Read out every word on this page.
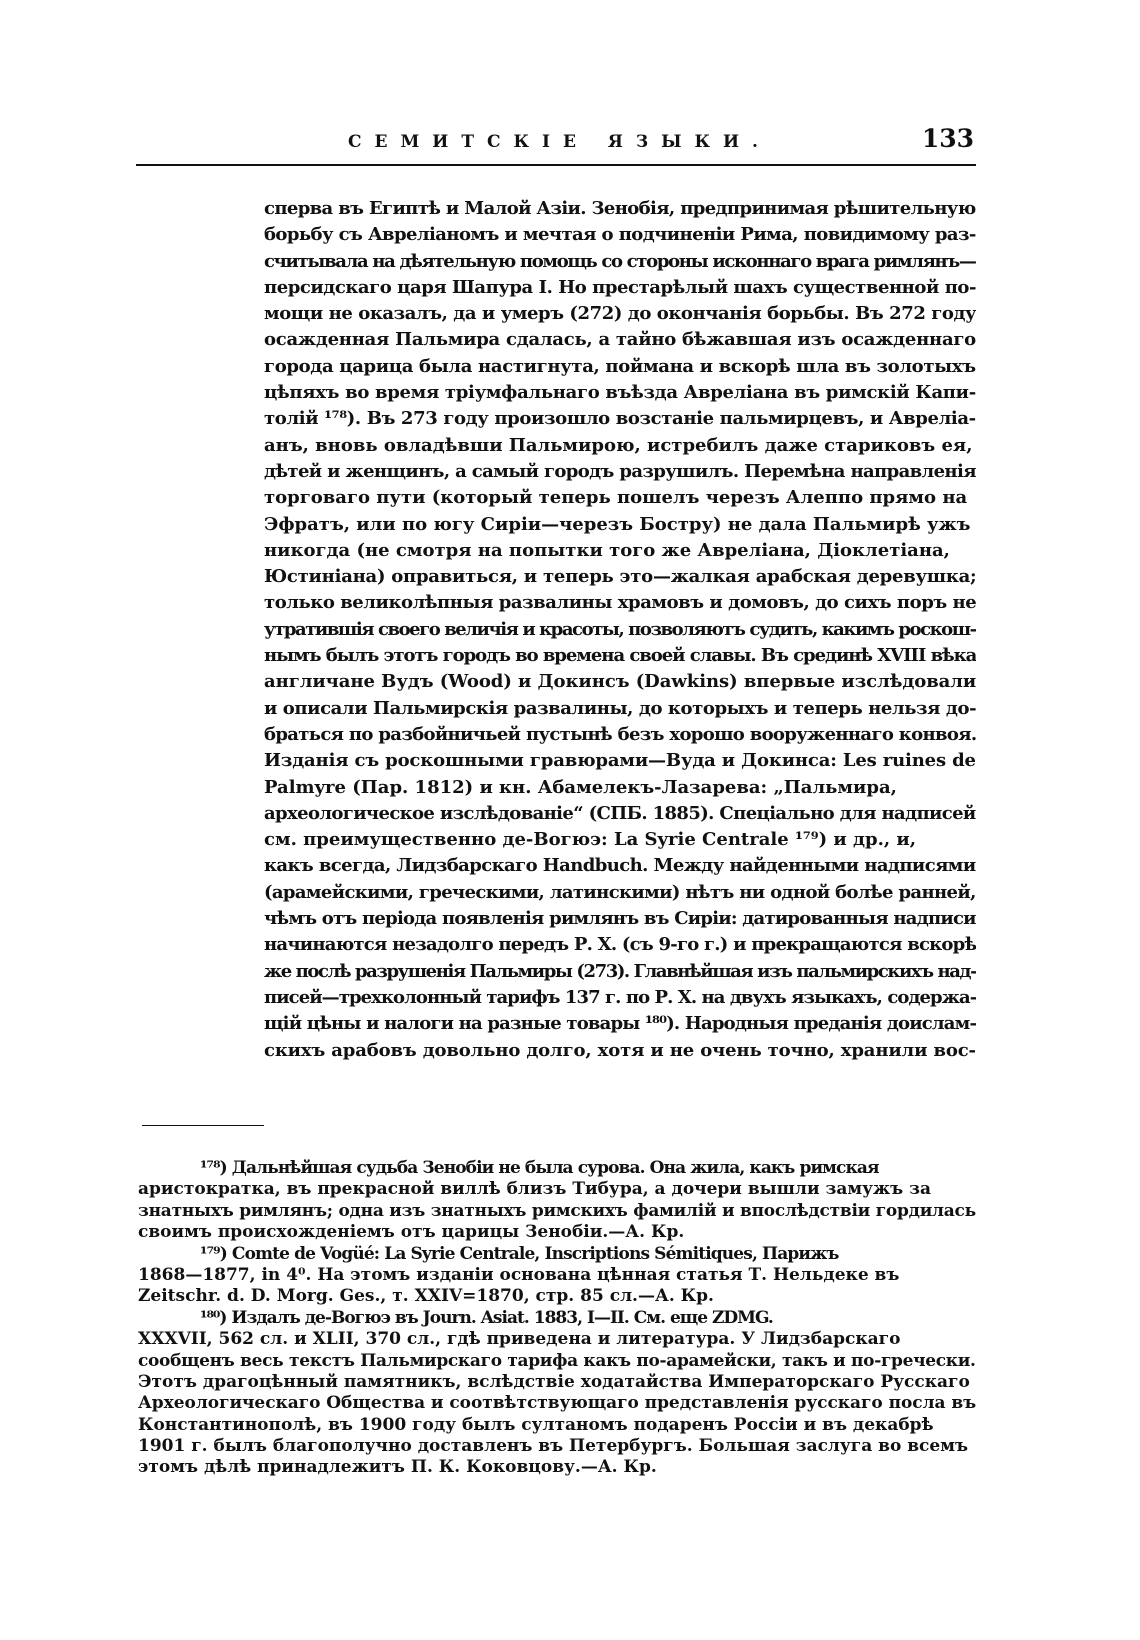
СЕМИТСКІЕ ЯЗЫКИ.	133
сперва въ Египтѣ и Малой Азіи. Зенобія, предпринимая рѣшительную
борьбу съ Авреліаномъ и мечтая о подчиненіи Рима, повидимому раз-
считывала на дѣятельную помощь со стороны исконнаго врага римлянъ—
персидскаго царя Шапура I. Но престарѣлый шахъ существенной по-
мощи не оказалъ, да и умеръ (272) до окончанія борьбы. Въ 272 году
осажденная Пальмира сдалась, а тайно бѣжавшая изъ осажденнаго
города царица была настигнута, поймана и вскорѣ шла въ золотыхъ
цѣпяхъ во время тріумфальнаго въѣзда Авреліана въ римскій Капи-
толій ¹⁷⁸). Въ 273 году произошло возстаніе пальмирцевъ, и Авреліа-
анъ, вновь овладѣвши Пальмирою, истребилъ даже стариковъ ея,
дѣтей и женщинъ, а самый городъ разрушилъ. Перемѣна направленія
торговаго пути (который теперь пошелъ черезъ Алеппо прямо на
Эфратъ, или по югу Сиріи—черезъ Бостру) не дала Пальмирѣ ужъ
никогда (не смотря на попытки того же Авреліана, Діоклетіана,
Юстиніана) оправиться, и теперь это—жалкая арабская деревушка;
только великолѣпныя развалины храмовъ и домовъ, до сихъ поръ не
утратившія своего величія и красоты, позволяютъ судить, какимъ роскош-
нымъ былъ этотъ городъ во времена своей славы. Въ срединѣ XVIII вѣка
англичане Вудъ (Wood) и Докинсъ (Dawkins) впервые изслѣдовали
и описали Пальмирскія развалины, до которыхъ и теперь нельзя до-
браться по разбойничьей пустынѣ безъ хорошо вооруженнаго конвоя.
Изданія съ роскошными гравюрами—Вуда и Докинса: Les ruines de
Palmyre (Пар. 1812) и кн. Абамелекъ-Лазарева: „Пальмира,
археологическое изслѣдованіе“ (СПБ. 1885). Спеціально для надписей
см. преимущественно де-Вогюэ: La Syrie Centrale ¹⁷⁹) и др., и,
какъ всегда, Лидзбарскаго Handbuch. Между найденными надписями
(арамейскими, греческими, латинскими) нѣтъ ни одной болѣе ранней,
чѣмъ отъ періода появленія римлянъ въ Сиріи: датированныя надписи
начинаются незадолго передъ Р. Х. (съ 9-го г.) и прекращаются вскорѣ
же послѣ разрушенія Пальмиры (273). Главнѣйшая изъ пальмирскихъ над-
писей—трехколонный тарифъ 137 г. по Р. Х. на двухъ языкахъ, содержа-
щій цѣны и налоги на разные товары ¹⁸⁰). Народныя преданія доислам-
скихъ арабовъ довольно долго, хотя и не очень точно, хранили вос-
¹⁷⁸) Дальнѣйшая судьба Зенобіи не была сурова. Она жила, какъ римская
аристократка, въ прекрасной виллѣ близъ Тибура, а дочери вышли замужъ за
знатныхъ римлянъ; одна изъ знатныхъ римскихъ фамилій и впослѣдствіи гордилась
своимъ происхожденіемъ отъ царицы Зенобіи.—А. Кр.
¹⁷⁹) Comte de Vogüé: La Syrie Centrale, Inscriptions Sémitiques, Парижъ
1868—1877, in 4⁰. На этомъ изданіи основана цѣнная статья Т. Нельдеке въ
Zeitschr. d. D. Morg. Ges., т. XXIV=1870, стр. 85 сл.—А. Кр.
¹⁸⁰) Издалъ де-Вогюэ въ Journ. Asiat. 1883, I—II. См. еще ZDMG.
XXXVII, 562 сл. и XLII, 370 сл., гдѣ приведена и литература. У Лидзбарскаго
сообщенъ весь текстъ Пальмирскаго тарифа какъ по-арамейски, такъ и по-гречески.
Этотъ драгоцѣнный памятникъ, вслѣдствіе ходатайства Императорскаго Русскаго
Археологическаго Общества и соотвѣтствующаго представленія русскаго посла въ
Константинополѣ, въ 1900 году былъ султаномъ подаренъ Россіи и въ декабрѣ
1901 г. былъ благополучно доставленъ въ Петербургъ. Большая заслуга во всемъ
этомъ дѣлѣ принадлежитъ П. К. Коковцову.—А. Кр.
